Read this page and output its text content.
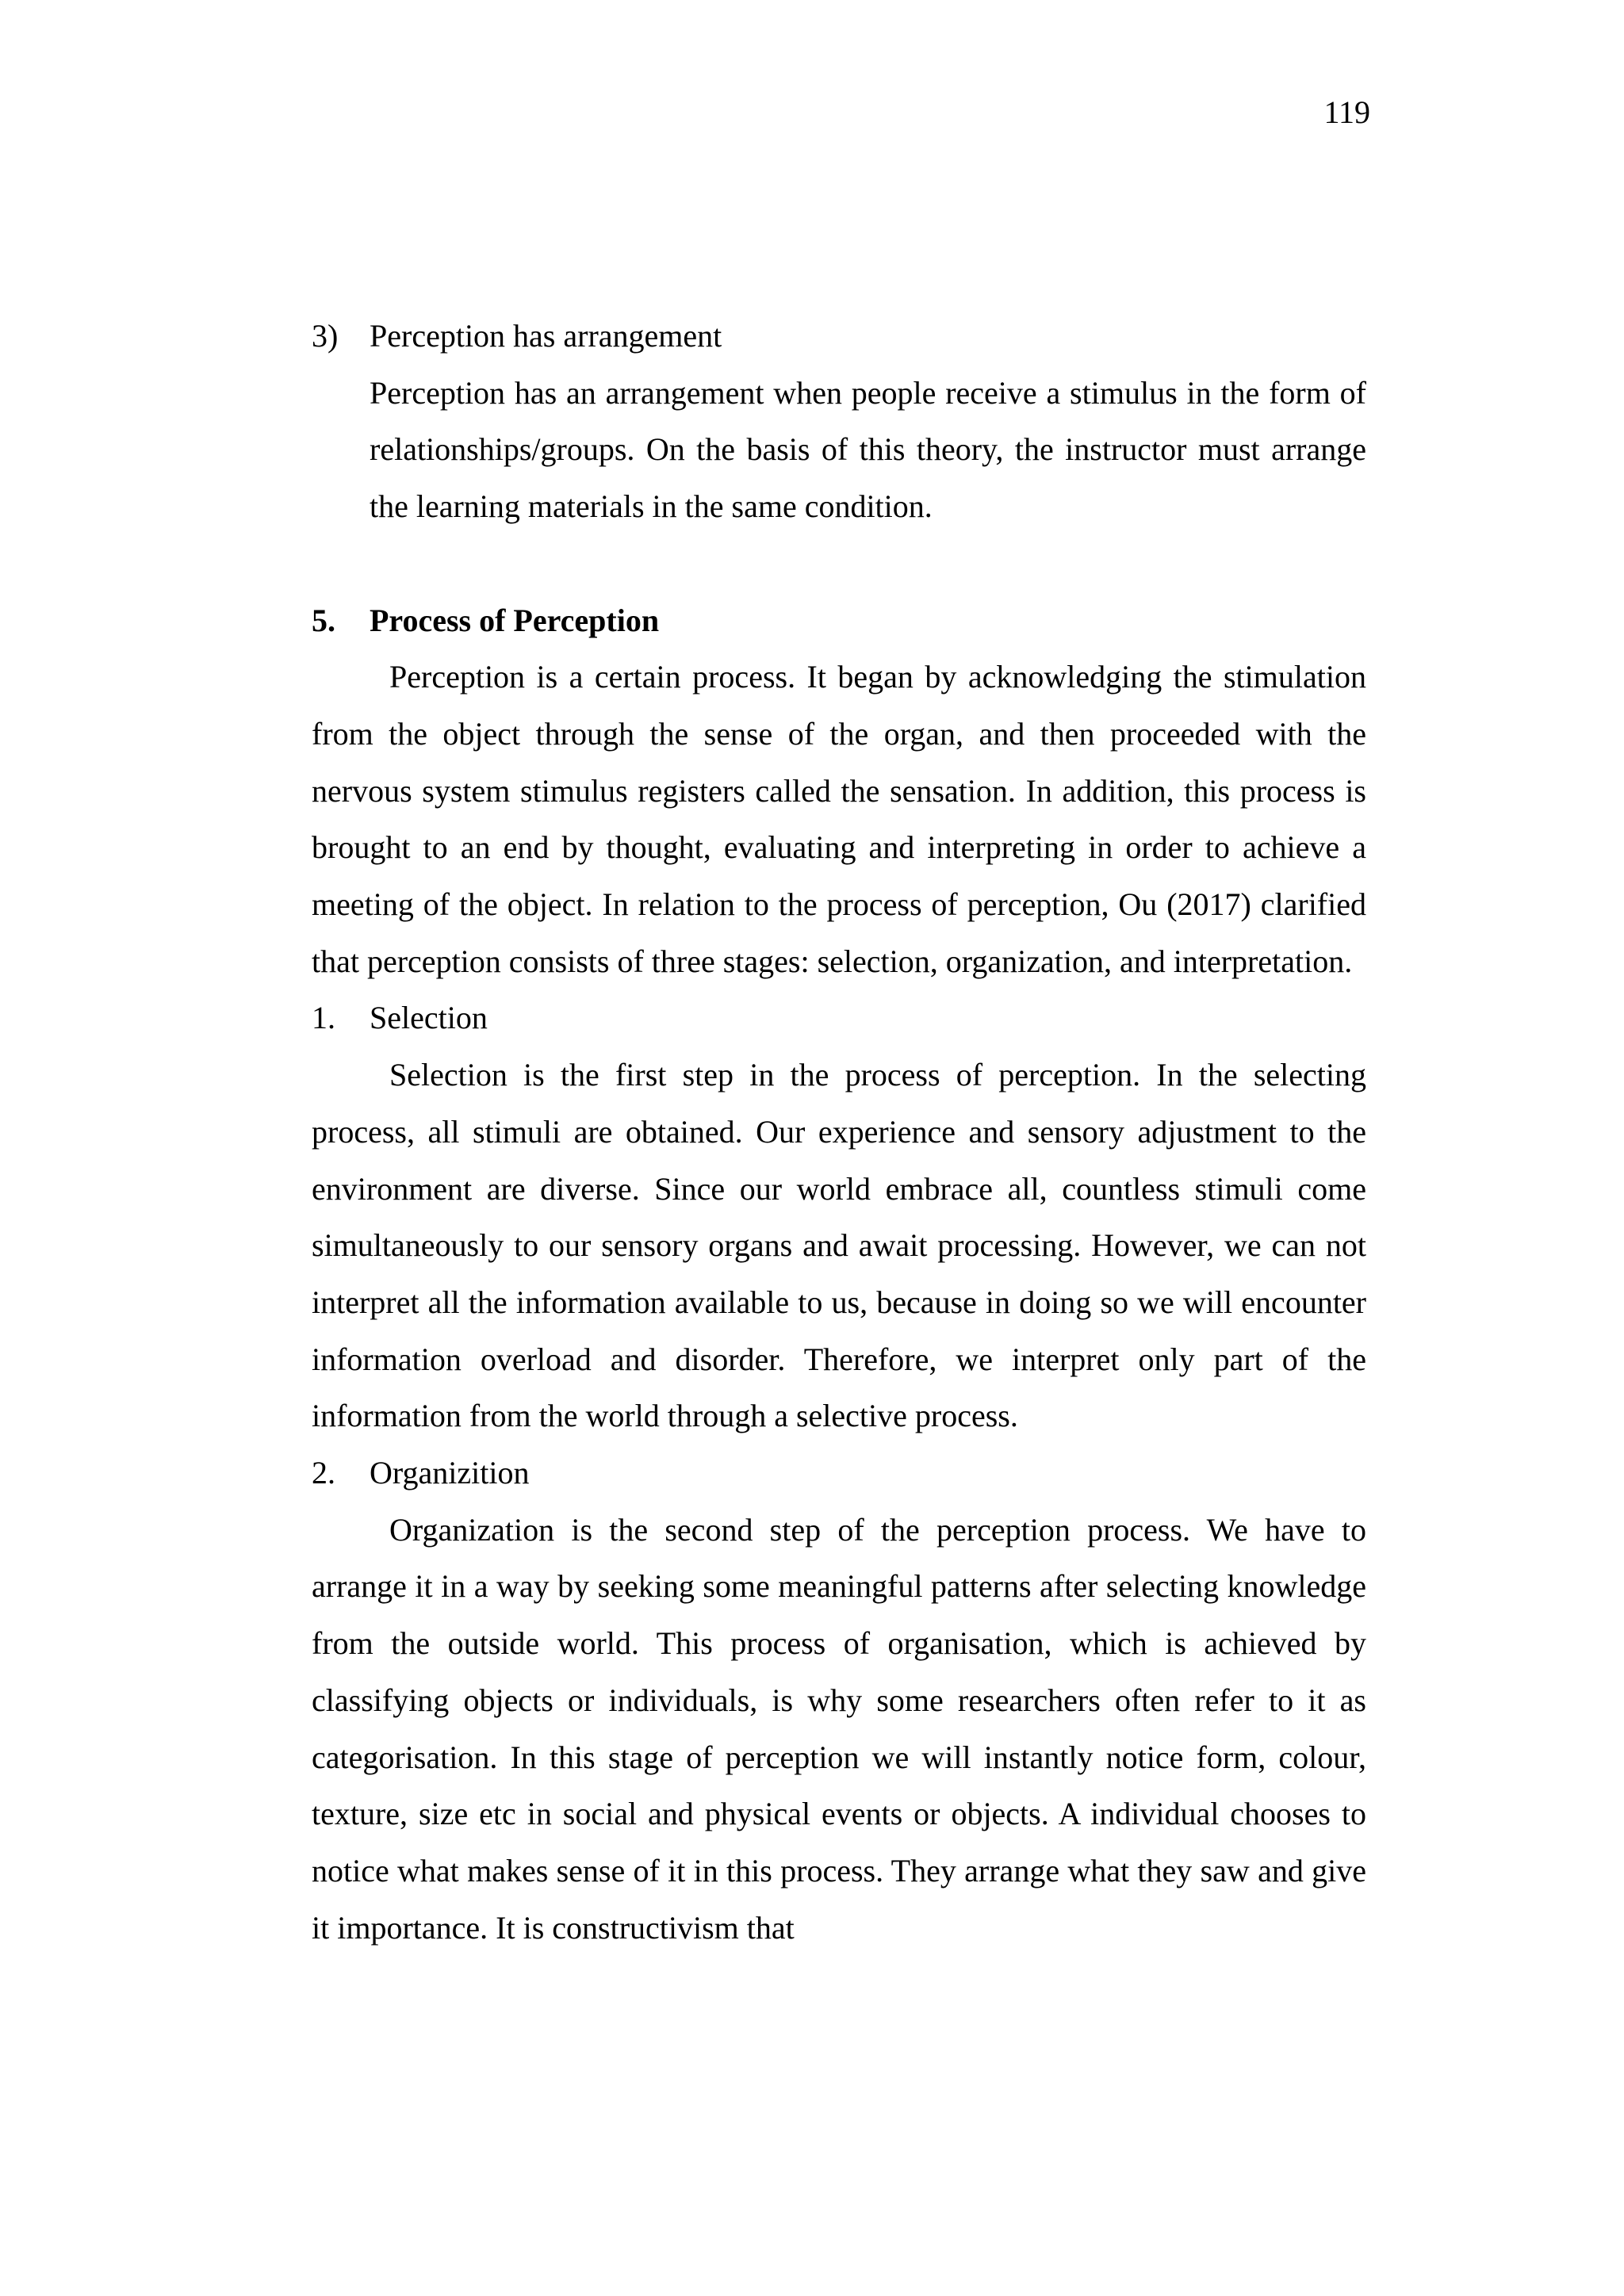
119
3) Perception has arrangement

Perception has an arrangement when people receive a stimulus in the form of relationships/groups. On the basis of this theory, the instructor must arrange the learning materials in the same condition.

5.	Process of Perception

Perception is a certain process. It began by acknowledging the stimulation from the object through the sense of the organ, and then proceeded with the nervous system stimulus registers called the sensation. In addition, this process is brought to an end by thought, evaluating and interpreting in order to achieve a meeting of the object. In relation to the process of perception, Ou (2017) clarified that perception consists of three stages: selection, organization, and interpretation.

1.	Selection

Selection is the first step in the process of perception. In the selecting process, all stimuli are obtained. Our experience and sensory adjustment to the environment are diverse. Since our world embrace all, countless stimuli come simultaneously to our sensory organs and await processing. However, we can not interpret all the information available to us, because in doing so we will encounter information overload and disorder. Therefore, we interpret only part of the information from the world through a selective process.

2.	Organizition

Organization is the second step of the perception process. We have to arrange it in a way by seeking some meaningful patterns after selecting knowledge from the outside world. This process of organisation, which is achieved by classifying objects or individuals, is why some researchers often refer to it as categorisation. In this stage of perception we will instantly notice form, colour, texture, size etc in social and physical events or objects. A individual chooses to notice what makes sense of it in this process. They arrange what they saw and give it importance. It is constructivism that
